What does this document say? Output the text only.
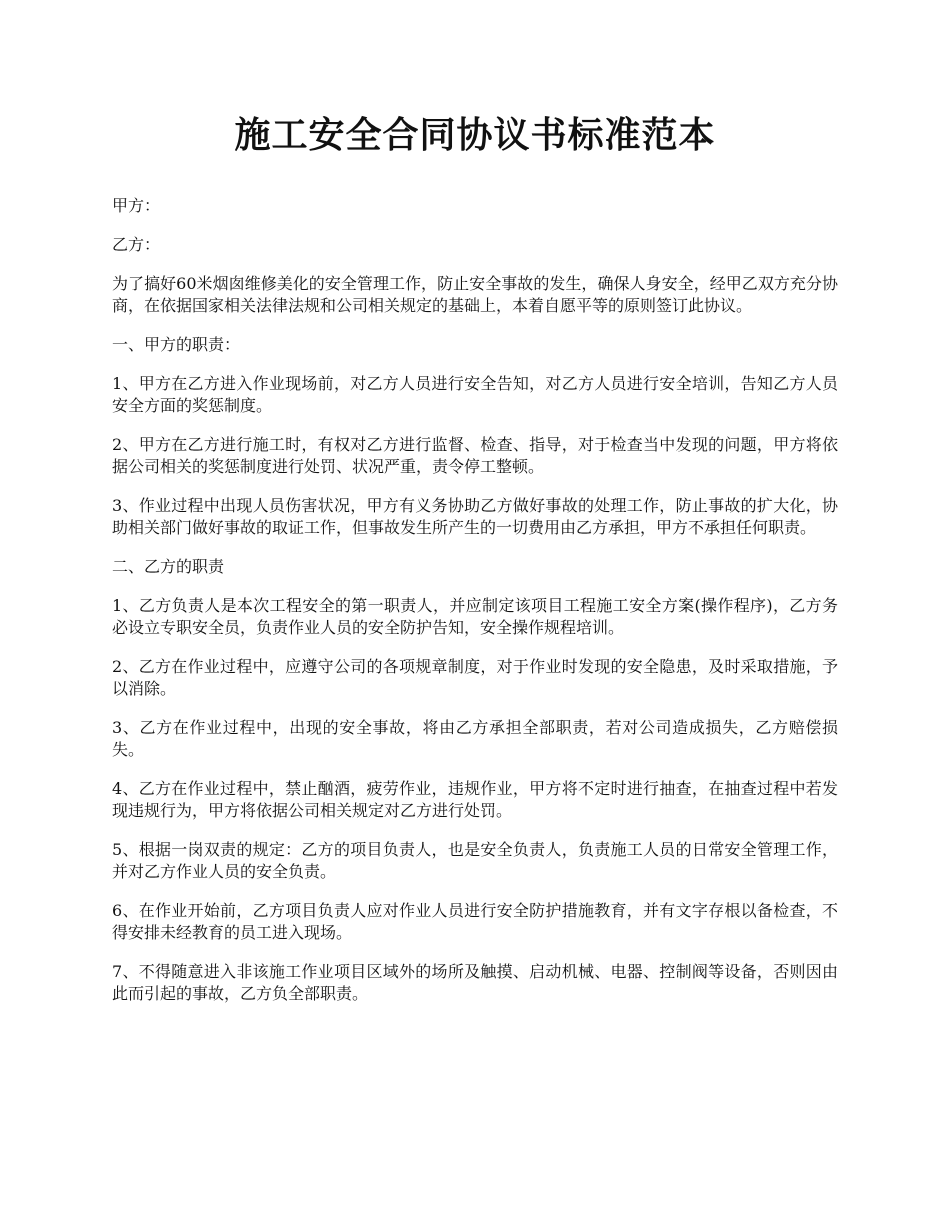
施工安全合同协议书标准范本

甲方：

乙方：

为了搞好60米烟囱维修美化的安全管理工作，防止安全事故的发生，确保人身安全，经甲乙双方充分协商，在依据国家相关法律法规和公司相关规定的基础上，本着自愿平等的原则签订此协议。

一、甲方的职责：

1、甲方在乙方进入作业现场前，对乙方人员进行安全告知，对乙方人员进行安全培训，告知乙方人员安全方面的奖惩制度。

2、甲方在乙方进行施工时，有权对乙方进行监督、检查、指导，对于检查当中发现的问题，甲方将依据公司相关的奖惩制度进行处罚、状况严重，责令停工整顿。

3、作业过程中出现人员伤害状况，甲方有义务协助乙方做好事故的处理工作，防止事故的扩大化，协助相关部门做好事故的取证工作，但事故发生所产生的一切费用由乙方承担，甲方不承担任何职责。

二、乙方的职责

1、乙方负责人是本次工程安全的第一职责人，并应制定该项目工程施工安全方案(操作程序)，乙方务必设立专职安全员，负责作业人员的安全防护告知，安全操作规程培训。

2、乙方在作业过程中，应遵守公司的各项规章制度，对于作业时发现的安全隐患，及时采取措施，予以消除。

3、乙方在作业过程中，出现的安全事故，将由乙方承担全部职责，若对公司造成损失，乙方赔偿损失。

4、乙方在作业过程中，禁止酗酒，疲劳作业，违规作业，甲方将不定时进行抽查，在抽查过程中若发现违规行为，甲方将依据公司相关规定对乙方进行处罚。

5、根据一岗双责的规定：乙方的项目负责人，也是安全负责人，负责施工人员的日常安全管理工作，并对乙方作业人员的安全负责。

6、在作业开始前，乙方项目负责人应对作业人员进行安全防护措施教育，并有文字存根以备检查，不得安排未经教育的员工进入现场。

7、不得随意进入非该施工作业项目区域外的场所及触摸、启动机械、电器、控制阀等设备，否则因由此而引起的事故，乙方负全部职责。
